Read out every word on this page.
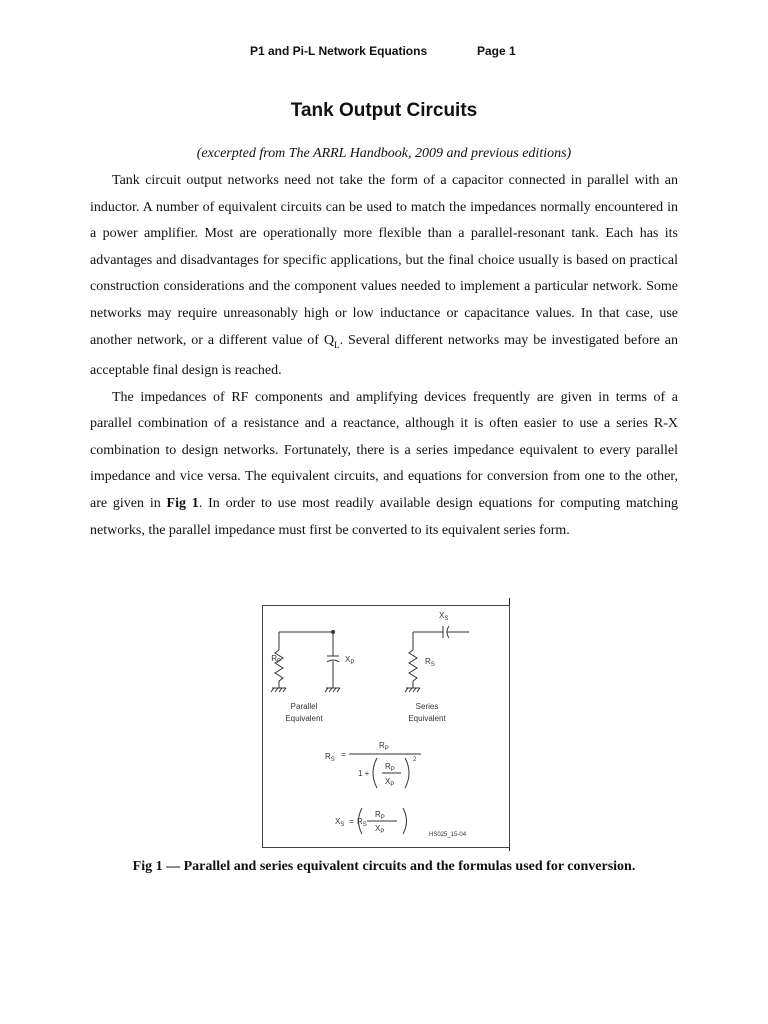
P1 and Pi-L Network Equations	Page 1
Tank Output Circuits
(excerpted from The ARRL Handbook, 2009 and previous editions)

Tank circuit output networks need not take the form of a capacitor connected in parallel with an inductor. A number of equivalent circuits can be used to match the impedances normally encountered in a power amplifier. Most are operationally more flexible than a parallel-resonant tank. Each has its advantages and disadvantages for specific applications, but the final choice usually is based on practical construction considerations and the component values needed to implement a particular network. Some networks may require unreasonably high or low inductance or capacitance values. In that case, use another network, or a different value of $Q_L$. Several different networks may be investigated before an acceptable final design is reached.

The impedances of RF components and amplifying devices frequently are given in terms of a parallel combination of a resistance and a reactance, although it is often easier to use a series R-X combination to design networks. Fortunately, there is a series impedance equivalent to every parallel impedance and vice versa. The equivalent circuits, and equations for conversion from one to the other, are given in Fig 1. In order to use most readily available design equations for computing matching networks, the parallel impedance must first be converted to its equivalent series form.

$R_P$	$X_P$
$X_S$
$R_S$
Parallel
Equivalent
Series
Equivalent
$R_P$
$R_S$
=
1 +
$R_P$
$X_P$
2
$X_S = R_S$
$R_P$
$X_P$	HS025_15-04
Fig 1 — Parallel and series equivalent circuits and the formulas used for conversion.
